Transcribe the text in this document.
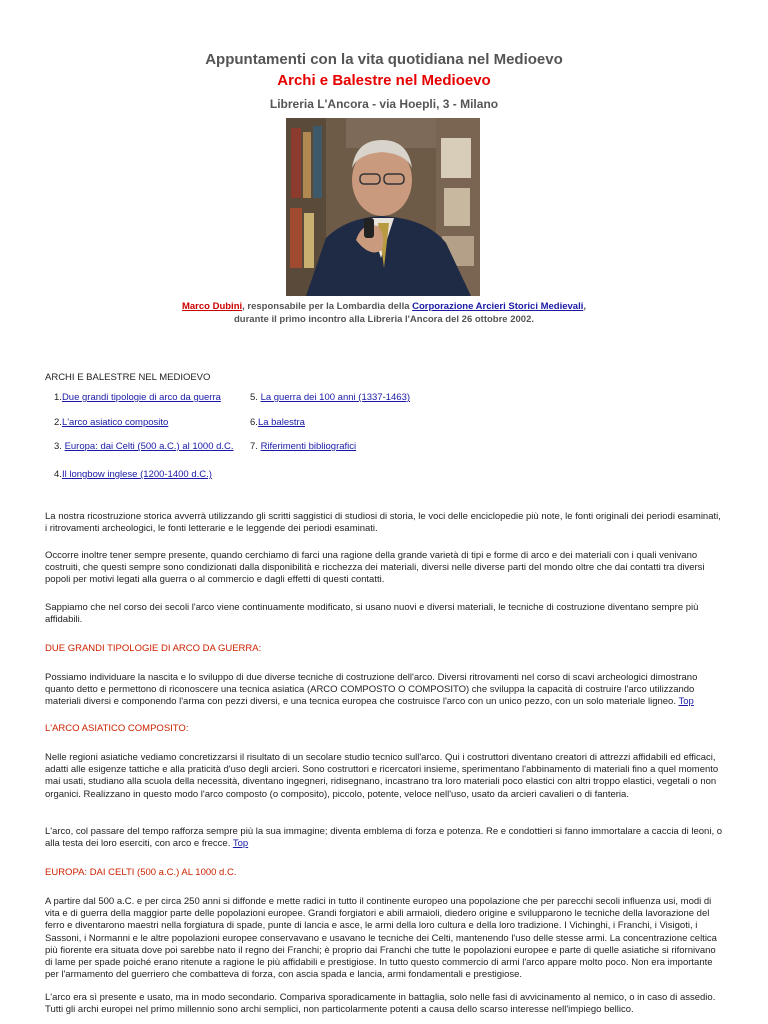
Appuntamenti con la vita quotidiana nel Medioevo
Archi e Balestre nel Medioevo
Libreria L'Ancora - via Hoepli, 3 - Milano
Marco Dubini, responsabile per la Lombardia della Corporazione Arcieri Storici Medievali,
durante il primo incontro alla Libreria l'Ancora del 26 ottobre 2002.
ARCHI E BALESTRE NEL MEDIOEVO
1.Due grandi tipologie di arco da guerra	5. La guerra dei 100 anni (1337-1463)
2.L'arco asiatico composito	6.La balestra
3. Europa: dai Celti (500 a.C.) al 1000 d.C. 7. Riferimenti bibliografici
4.Il longbow inglese (1200-1400 d.C.)

La nostra ricostruzione storica avverrà utilizzando gli scritti saggistici di studiosi di storia, le voci delle enciclopedie più note, le fonti originali dei periodi esaminati, i ritrovamenti archeologici, le fonti letterarie e le leggende dei periodi esaminati.

Occorre inoltre tener sempre presente, quando cerchiamo di farci una ragione della grande varietà di tipi e forme di arco e dei materiali con i quali venivano costruiti, che questi sempre sono condizionati dalla disponibilità e ricchezza dei materiali, diversi nelle diverse parti del mondo oltre che dai contatti tra diversi popoli per motivi legati alla guerra o al commercio e dagli effetti di questi contatti.

Sappiamo che nel corso dei secoli l'arco viene continuamente modificato, si usano nuovi e diversi materiali, le tecniche di costruzione diventano sempre più affidabili.

DUE GRANDI TIPOLOGIE DI ARCO DA GUERRA:

Possiamo individuare la nascita e lo sviluppo di due diverse tecniche di costruzione dell'arco. Diversi ritrovamenti nel corso di scavi archeologici dimostrano quanto detto e permettono di riconoscere una tecnica asiatica (ARCO COMPOSTO O COMPOSITO) che sviluppa la capacità di costruire l'arco utilizzando materiali diversi e componendo l'arma con pezzi diversi, e una tecnica europea che costruisce l'arco con un unico pezzo, con un solo materiale ligneo. Top

L'ARCO ASIATICO COMPOSITO:

Nelle regioni asiatiche vediamo concretizzarsi il risultato di un secolare studio tecnico sull'arco. Qui i costruttori diventano creatori di attrezzi affidabili ed efficaci, adatti alle esigenze tattiche e alla praticità d'uso degli arcieri. Sono costruttori e ricercatori insieme, sperimentano l'abbinamento di materiali fino a quel momento mai usati, studiano alla scuola della necessità, diventano ingegneri, ridisegnano, incastrano tra loro materiali poco elastici con altri troppo elastici, vegetali o non organici. Realizzano in questo modo l'arco composto (o composito), piccolo, potente, veloce nell'uso, usato da arcieri cavalieri o di fanteria.

L'arco, col passare del tempo rafforza sempre più la sua immagine; diventa emblema di forza e potenza. Re e condottieri si fanno immortalare a caccia di leoni, o alla testa dei loro eserciti, con arco e frecce. Top

EUROPA: DAI CELTI (500 a.C.) AL 1000 d.C.

A partire dal 500 a.C. e per circa 250 anni si diffonde e mette radici in tutto il continente europeo una popolazione che per parecchi secoli influenza usi, modi di vita e di guerra della maggior parte delle popolazioni europee. Grandi forgiatori e abili armaioli, diedero origine e svilupparono le tecniche della lavorazione del ferro e diventarono maestri nella forgiatura di spade, punte di lancia e asce, le armi della loro cultura e della loro tradizione. I Vichinghi, i Franchi, i Visigoti, i Sassoni, i Normanni e le altre popolazioni europee conservavano e usavano le tecniche dei Celti, mantenendo l'uso delle stesse armi. La concentrazione celtica più fiorente era situata dove poi sarebbe nato il regno dei Franchi; è proprio dai Franchi che tutte le popolazioni europee e parte di quelle asiatiche si rifornivano di lame per spade poiché erano ritenute a ragione le più affidabili e prestigiose. In tutto questo commercio di armi l'arco appare molto poco. Non era importante per l'armamento del guerriero che combatteva di forza, con ascia spada e lancia, armi fondamentali e prestigiose.

L'arco era sì presente e usato, ma in modo secondario. Compariva sporadicamente in battaglia, solo nelle fasi di avvicinamento al nemico, o in caso di assedio. Tutti gli archi europei nel primo millennio sono archi semplici, non particolarmente potenti a causa dello scarso interesse nell'impiego bellico.
